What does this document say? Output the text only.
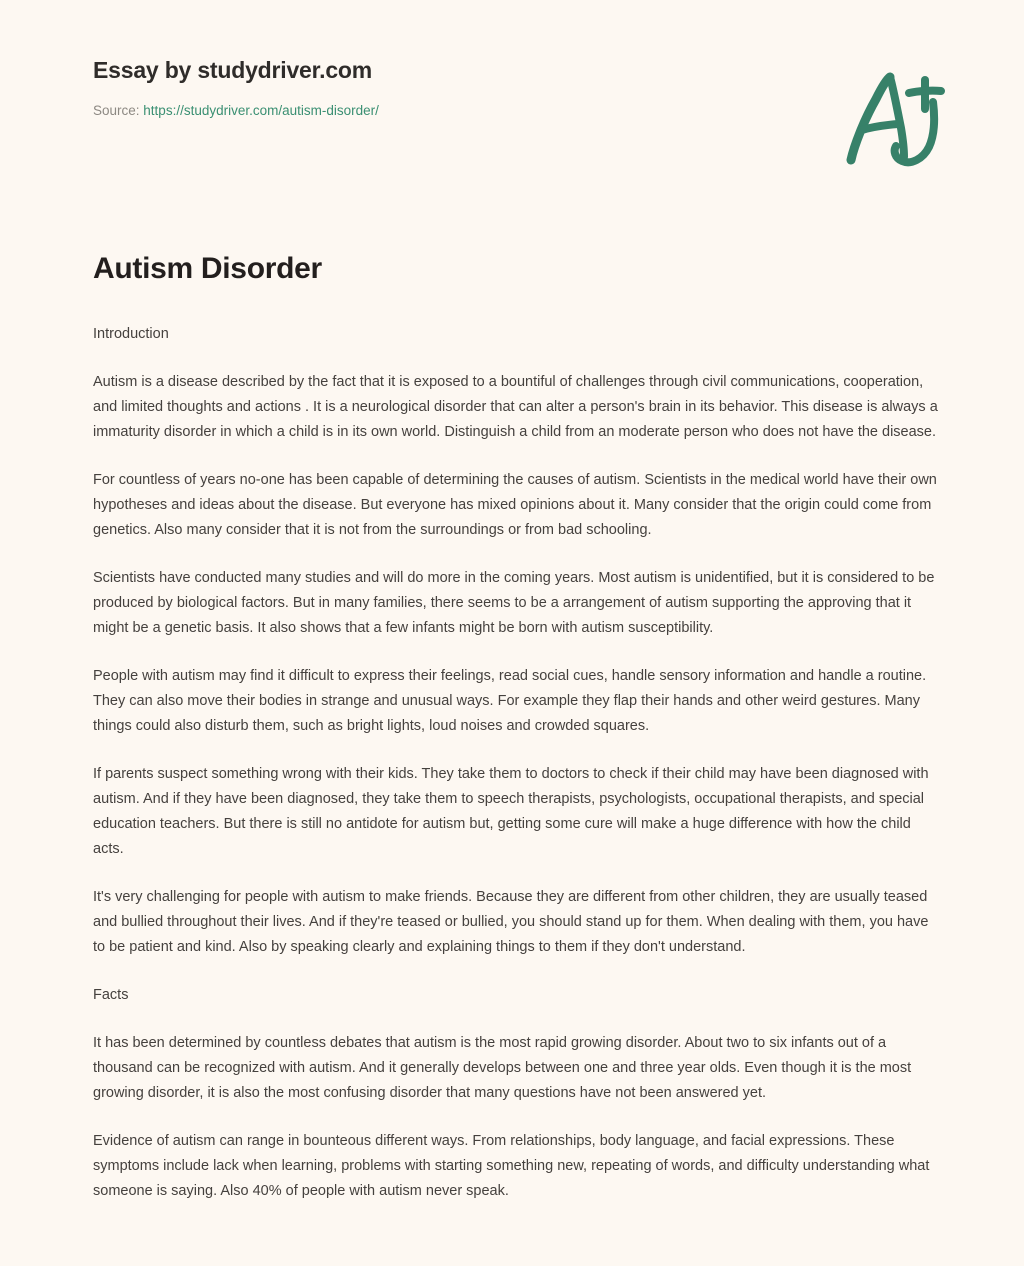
Essay by studydriver.com
Source: https://studydriver.com/autism-disorder/
Autism Disorder

Introduction

Autism is a disease described by the fact that it is exposed to a bountiful of challenges through civil communications, cooperation, and limited thoughts and actions . It is a neurological disorder that can alter a person's brain in its behavior. This disease is always a immaturity disorder in which a child is in its own world. Distinguish a child from an moderate person who does not have the disease.

For countless of years no-one has been capable of determining the causes of autism. Scientists in the medical world have their own hypotheses and ideas about the disease. But everyone has mixed opinions about it. Many consider that the origin could come from genetics. Also many consider that it is not from the surroundings or from bad schooling.

Scientists have conducted many studies and will do more in the coming years. Most autism is unidentified, but it is considered to be produced by biological factors. But in many families, there seems to be a arrangement of autism supporting the approving that it might be a genetic basis. It also shows that a few infants might be born with autism susceptibility.

People with autism may find it difficult to express their feelings, read social cues, handle sensory information and handle a routine. They can also move their bodies in strange and unusual ways. For example they flap their hands and other weird gestures. Many things could also disturb them, such as bright lights, loud noises and crowded squares.

If parents suspect something wrong with their kids. They take them to doctors to check if their child may have been diagnosed with autism. And if they have been diagnosed, they take them to speech therapists, psychologists, occupational therapists, and special education teachers. But there is still no antidote for autism but, getting some cure will make a huge difference with how the child acts.

It's very challenging for people with autism to make friends. Because they are different from other children, they are usually teased and bullied throughout their lives. And if they're teased or bullied, you should stand up for them. When dealing with them, you have to be patient and kind. Also by speaking clearly and explaining things to them if they don't understand.

Facts

It has been determined by countless debates that autism is the most rapid growing disorder. About two to six infants out of a thousand can be recognized with autism. And it generally develops between one and three year olds. Even though it is the most growing disorder, it is also the most confusing disorder that many questions have not been answered yet.

Evidence of autism can range in bounteous different ways. From relationships, body language, and facial expressions. These symptoms include lack when learning, problems with starting something new, repeating of words, and difficulty understanding what someone is saying. Also 40% of people with autism never speak.
